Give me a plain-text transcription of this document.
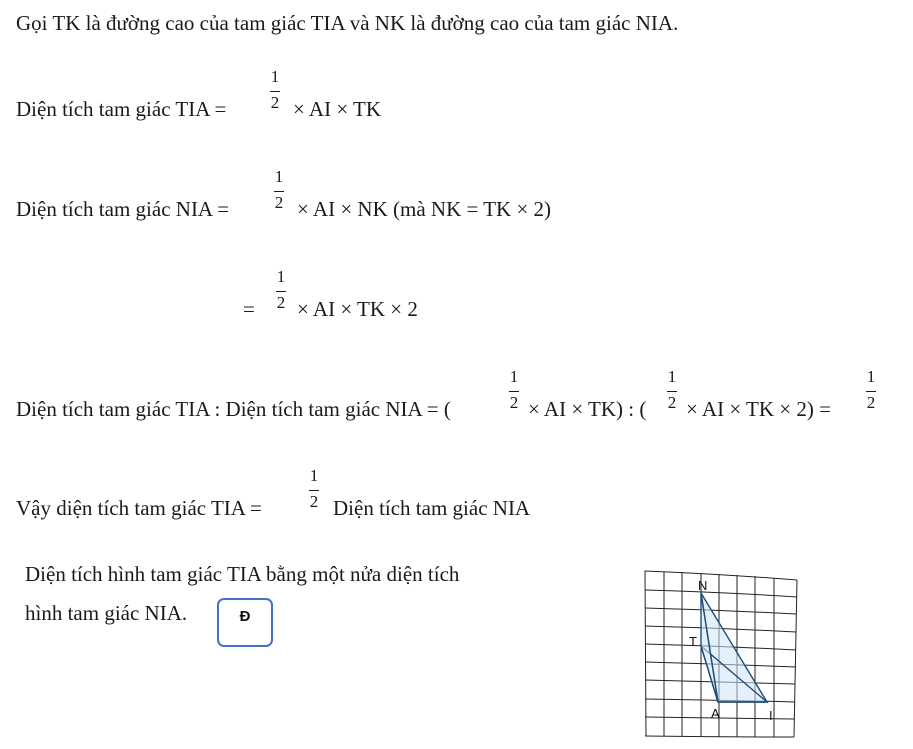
Gọi TK là đường cao của tam giác TIA và NK là đường cao của tam giác NIA.
Diện tích tam giác TIA =
1
2 × AI × TK
Diện tích tam giác NIA =
1
2 × AI × NK (mà NK = TK × 2)
=
1
2 × AI × TK × 2
Diện tích tam giác TIA : Diện tích tam giác NIA = (
1
2 × AI × TK) : (
1
2 × AI × TK × 2) =
1
2
Vậy diện tích tam giác TIA =
1
2 Diện tích tam giác NIA
Diện tích hình tam giác TIA bằng một nửa diện tích
hình tam giác NIA.	Đ
N
T
A	I
